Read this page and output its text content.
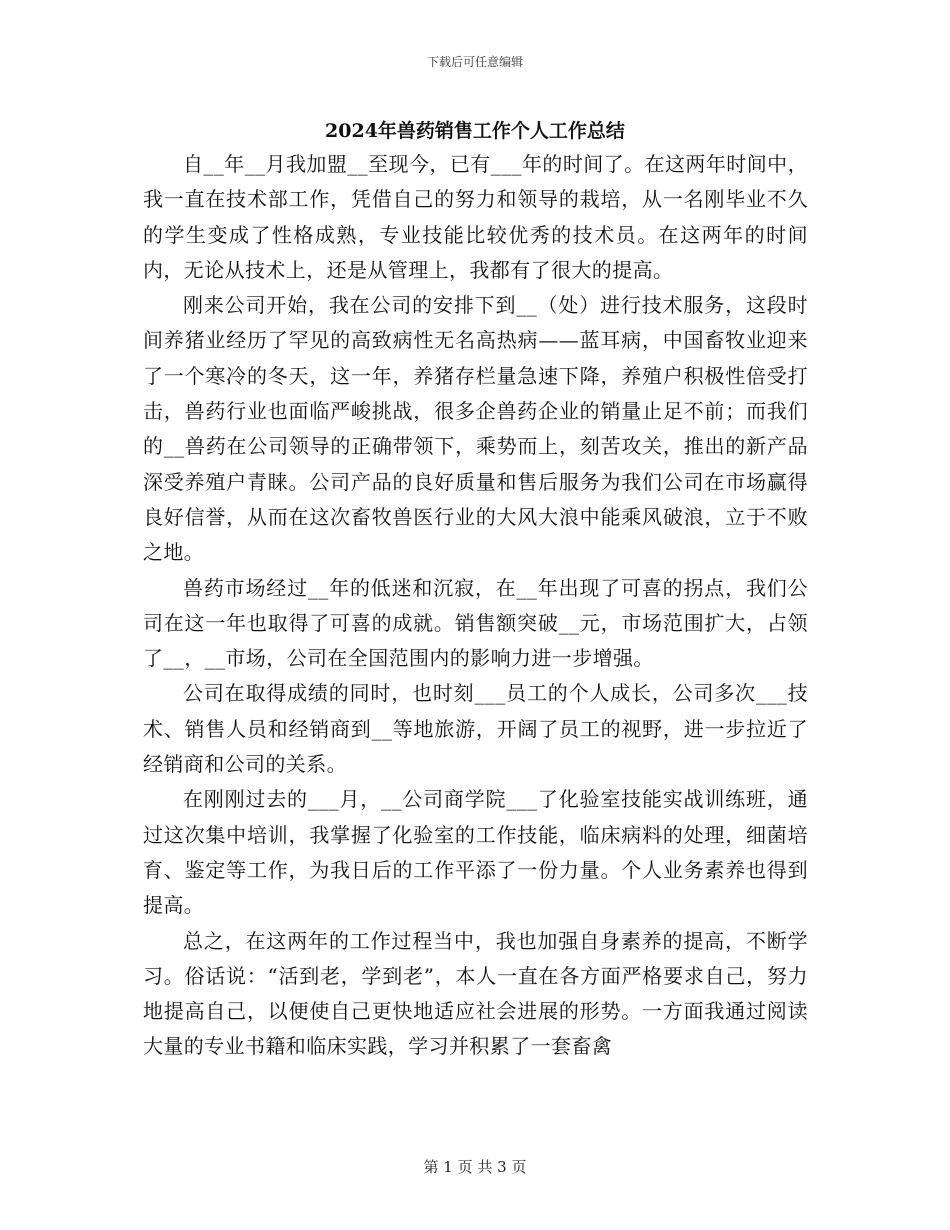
下载后可任意编辑
2024年兽药销售工作个人工作总结

自__年__月我加盟__至现今，已有___年的时间了。在这两年时间中，我一直在技术部工作，凭借自己的努力和领导的栽培，从一名刚毕业不久的学生变成了性格成熟，专业技能比较优秀的技术员。在这两年的时间内，无论从技术上，还是从管理上，我都有了很大的提高。

刚来公司开始，我在公司的安排下到__（处）进行技术服务，这段时间养猪业经历了罕见的高致病性无名高热病——蓝耳病，中国畜牧业迎来了一个寒冷的冬天，这一年，养猪存栏量急速下降，养殖户积极性倍受打击，兽药行业也面临严峻挑战，很多企兽药企业的销量止足不前；而我们的__兽药在公司领导的正确带领下，乘势而上，刻苦攻关，推出的新产品深受养殖户青睐。公司产品的良好质量和售后服务为我们公司在市场赢得良好信誉，从而在这次畜牧兽医行业的大风大浪中能乘风破浪，立于不败之地。

兽药市场经过__年的低迷和沉寂，在__年出现了可喜的拐点，我们公司在这一年也取得了可喜的成就。销售额突破__元，市场范围扩大，占领了__，__市场，公司在全国范围内的影响力进一步增强。

公司在取得成绩的同时，也时刻___员工的个人成长，公司多次___技术、销售人员和经销商到__等地旅游，开阔了员工的视野，进一步拉近了经销商和公司的关系。

在刚刚过去的___月，__公司商学院___了化验室技能实战训练班，通过这次集中培训，我掌握了化验室的工作技能，临床病料的处理，细菌培育、鉴定等工作，为我日后的工作平添了一份力量。个人业务素养也得到提高。

总之，在这两年的工作过程当中，我也加强自身素养的提高，不断学习。俗话说：“活到老，学到老”，本人一直在各方面严格要求自己，努力地提高自己，以便使自己更快地适应社会进展的形势。一方面我通过阅读大量的专业书籍和临床实践，学习并积累了一套畜禽

第 1 页 共 3 页
